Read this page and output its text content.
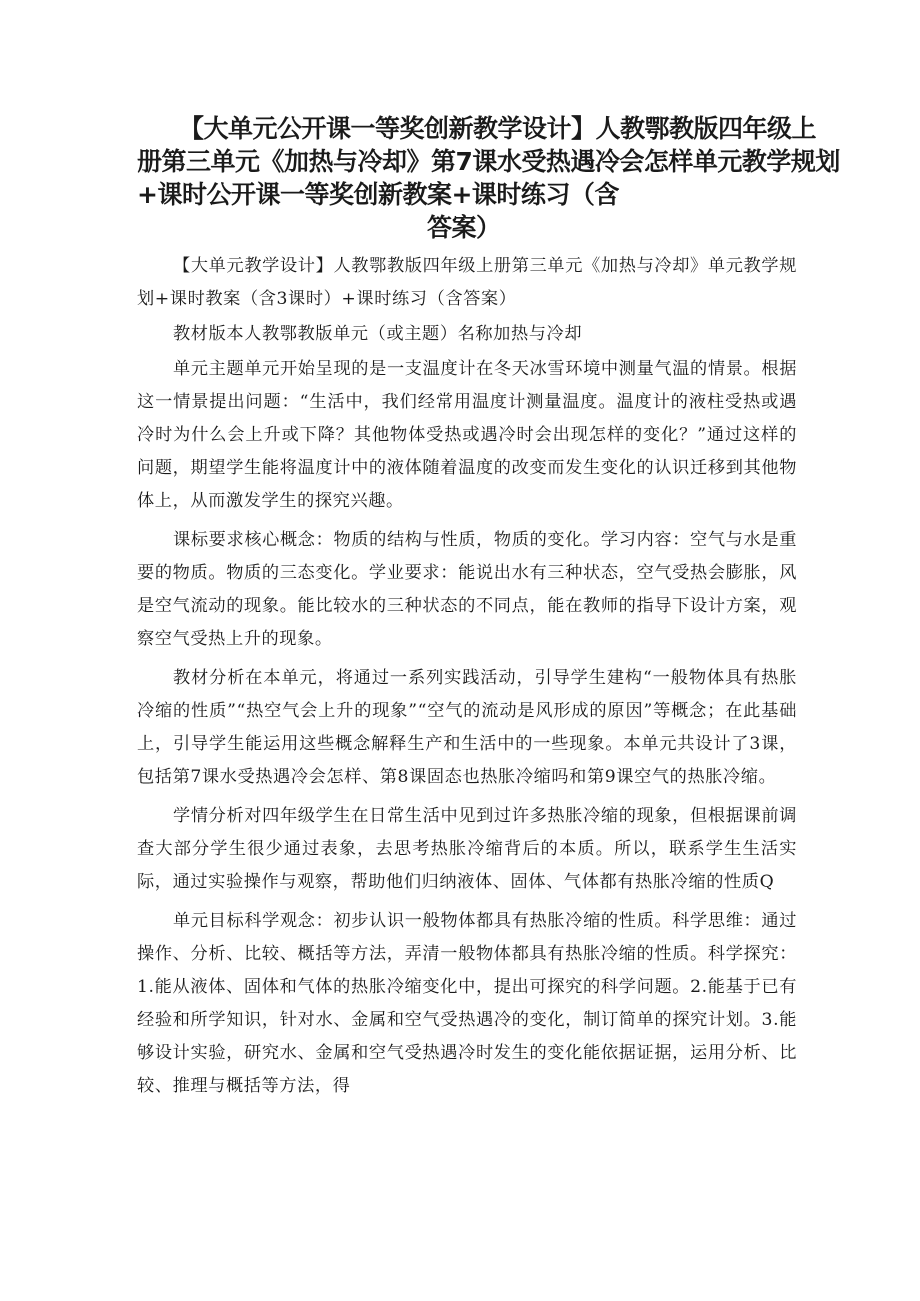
【大单元公开课一等奖创新教学设计】人教鄂教版四年级上
册第三单元《加热与冷却》第7课水受热遇冷会怎样单元教学规划
+课时公开课一等奖创新教案+课时练习（含
答案）

【大单元教学设计】人教鄂教版四年级上册第三单元《加热与冷却》单元教学规划+课时教案（含3课时）+课时练习（含答案）

教材版本人教鄂教版单元（或主题）名称加热与冷却

单元主题单元开始呈现的是一支温度计在冬天冰雪环境中测量气温的情景。根据这一情景提出问题：“生活中，我们经常用温度计测量温度。温度计的液柱受热或遇冷时为什么会上升或下降？其他物体受热或遇冷时会出现怎样的变化？”通过这样的问题，期望学生能将温度计中的液体随着温度的改变而发生变化的认识迁移到其他物体上，从而激发学生的探究兴趣。

课标要求核心概念：物质的结构与性质，物质的变化。学习内容：空气与水是重要的物质。物质的三态变化。学业要求：能说出水有三种状态，空气受热会膨胀，风是空气流动的现象。能比较水的三种状态的不同点，能在教师的指导下设计方案，观察空气受热上升的现象。

教材分析在本单元，将通过一系列实践活动，引导学生建构“一般物体具有热胀冷缩的性质”“热空气会上升的现象”“空气的流动是风形成的原因”等概念；在此基础上，引导学生能运用这些概念解释生产和生活中的一些现象。本单元共设计了3课，包括第7课水受热遇冷会怎样、第8课固态也热胀冷缩吗和第9课空气的热胀冷缩。

学情分析对四年级学生在日常生活中见到过许多热胀冷缩的现象，但根据课前调查大部分学生很少通过表象，去思考热胀冷缩背后的本质。所以，联系学生生活实际，通过实验操作与观察，帮助他们归纳液体、固体、气体都有热胀冷缩的性质Q

单元目标科学观念：初步认识一般物体都具有热胀冷缩的性质。科学思维：通过操作、分析、比较、概括等方法，弄清一般物体都具有热胀冷缩的性质。科学探究：1.能从液体、固体和气体的热胀冷缩变化中，提出可探究的科学问题。2.能基于已有经验和所学知识，针对水、金属和空气受热遇冷的变化，制订简单的探究计划。3.能够设计实验，研究水、金属和空气受热遇冷时发生的变化能依据证据，运用分析、比较、推理与概括等方法，得
